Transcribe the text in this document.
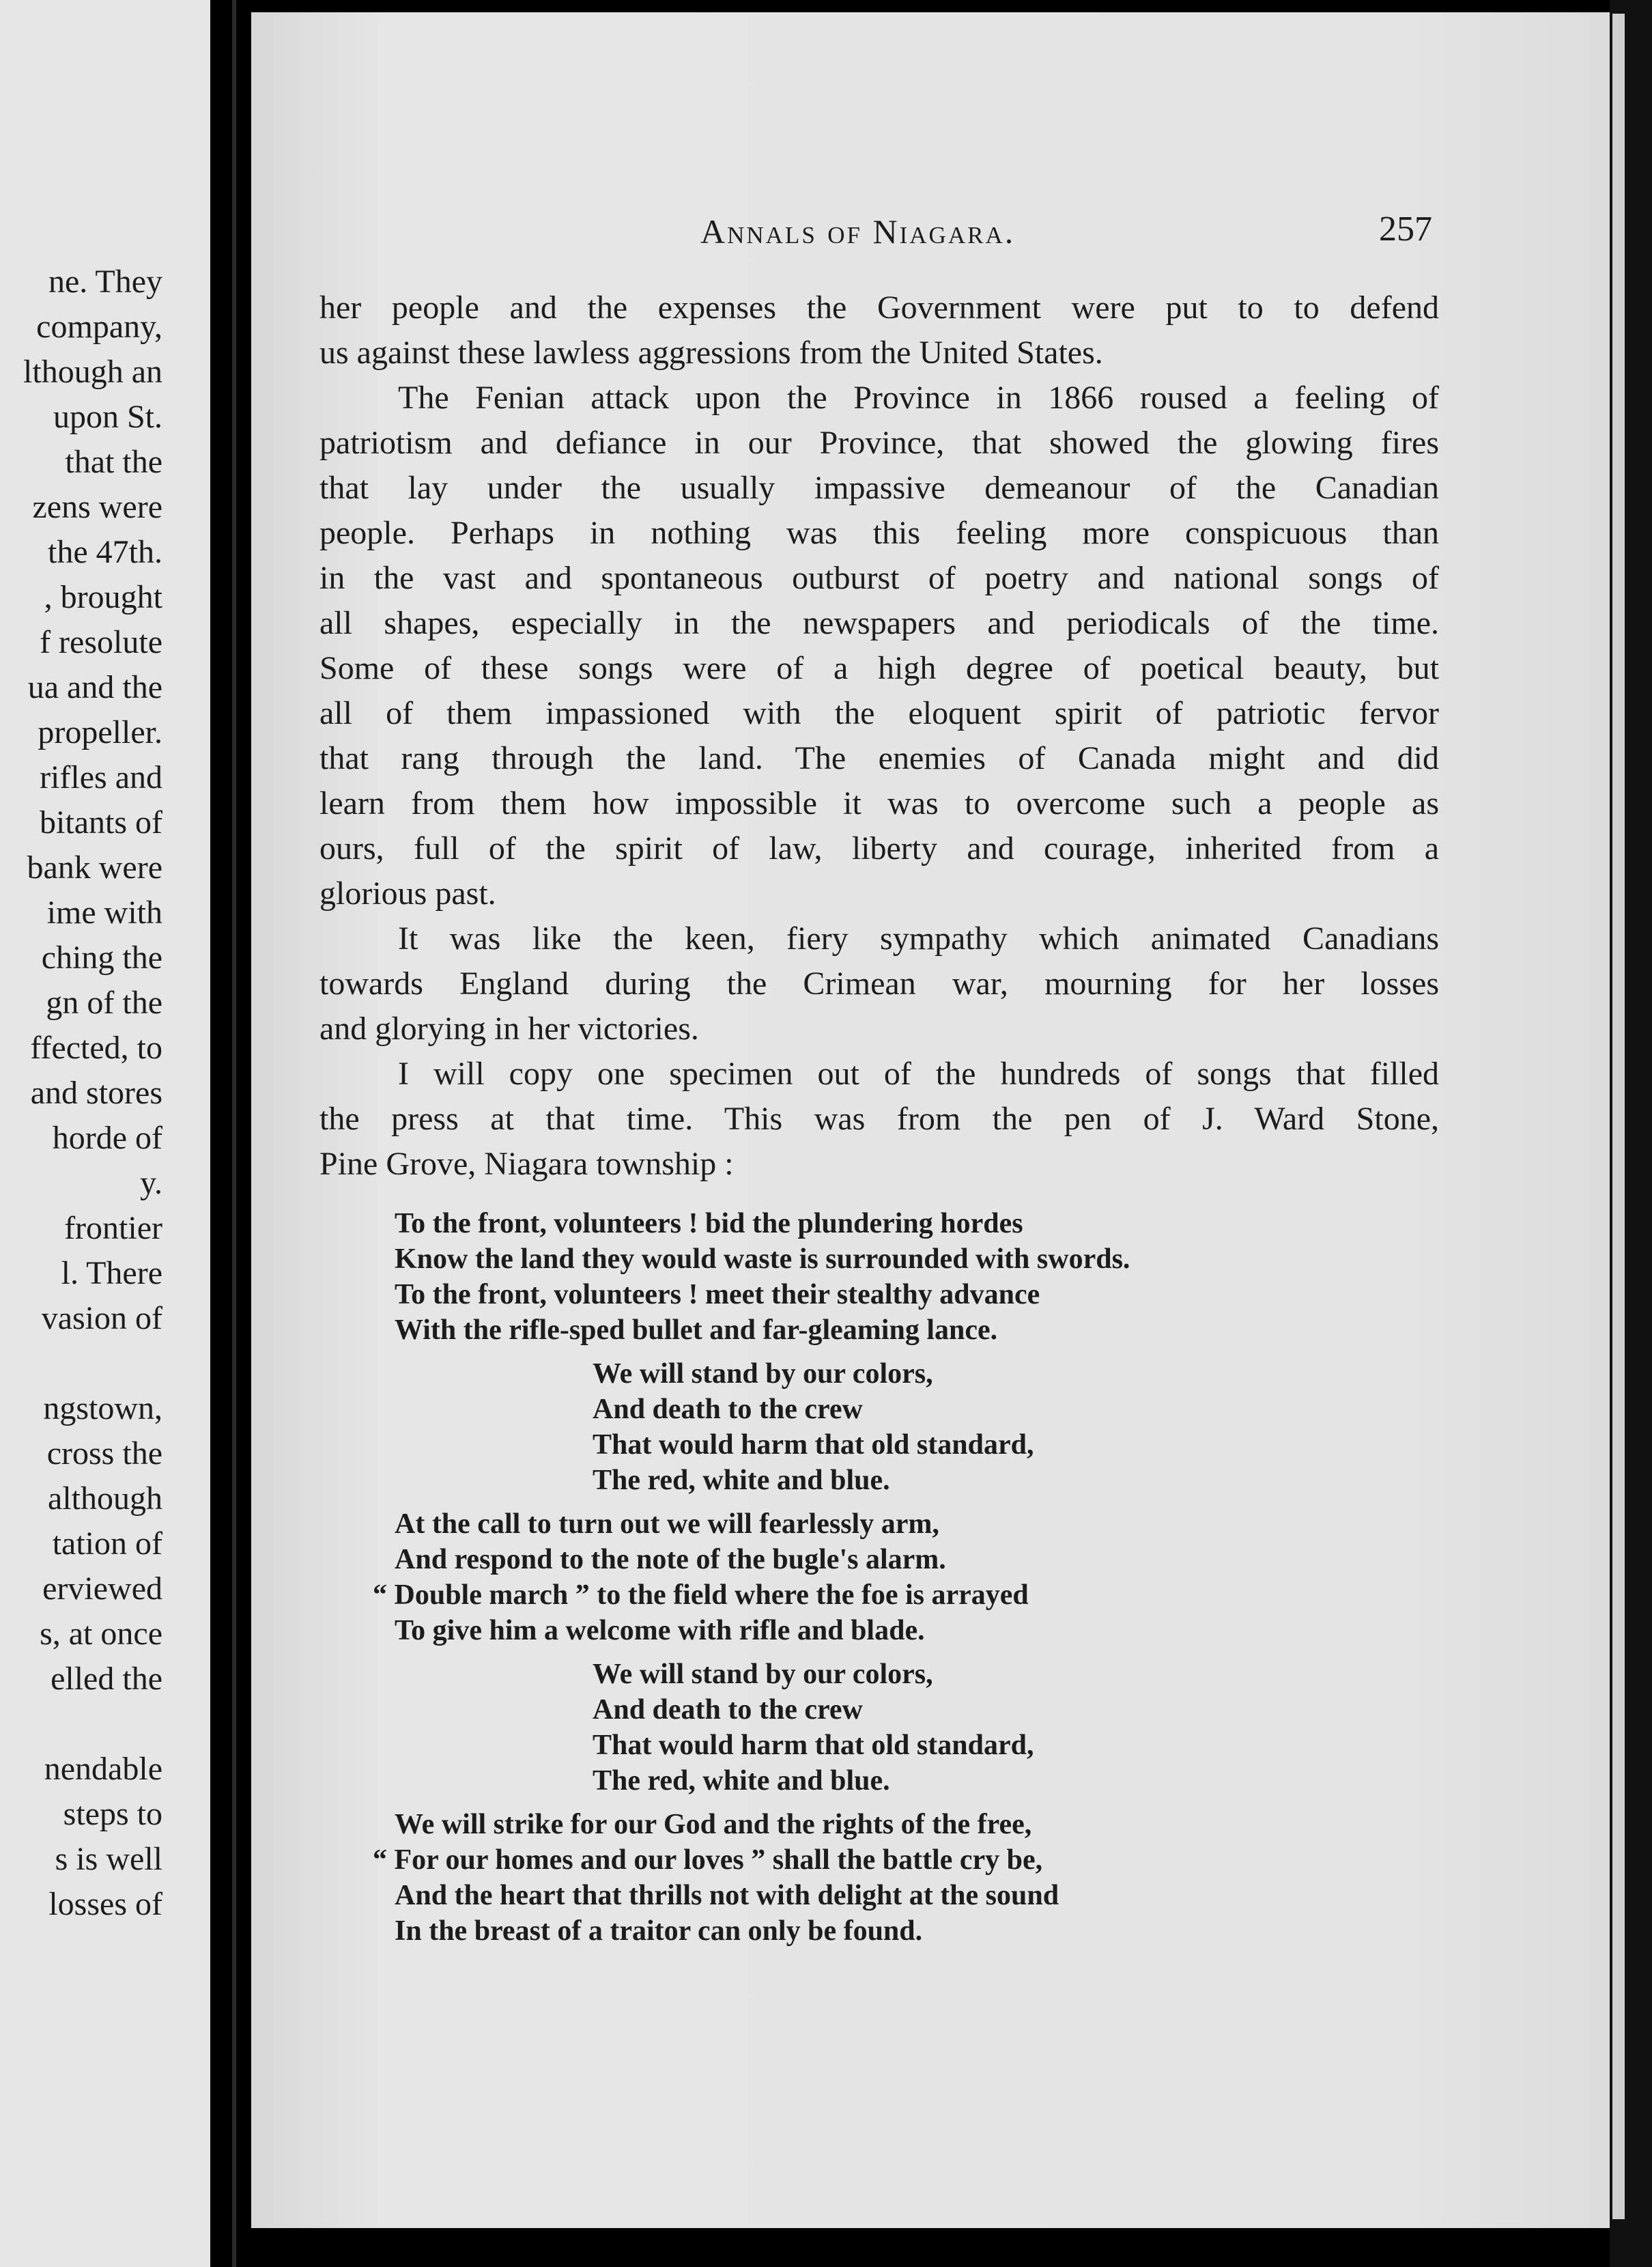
ne. They
company,
lthough an
upon St.
that the
zens were
the 47th.
, brought
f resolute
ua and the
propeller.
rifles and
bitants of
bank were
ime with
ching the
gn of the
ffected, to
and stores
horde of
y.
frontier
l. There
vasion of
ngstown,
cross the
although
tation of
erviewed
s, at once
elled the
nendable
steps to
s is well
losses of
Annals of Niagara.	257
her people and the expenses the Government were put to to defend
us against these lawless aggressions from the United States.
The Fenian attack upon the Province in 1866 roused a feeling of
patriotism and defiance in our Province, that showed the glowing fires
that lay under the usually impassive demeanour of the Canadian
people. Perhaps in nothing was this feeling more conspicuous than
in the vast and spontaneous outburst of poetry and national songs of
all shapes, especially in the newspapers and periodicals of the time.
Some of these songs were of a high degree of poetical beauty, but
all of them impassioned with the eloquent spirit of patriotic fervor
that rang through the land. The enemies of Canada might and did
learn from them how impossible it was to overcome such a people as
ours, full of the spirit of law, liberty and courage, inherited from a
glorious past.
It was like the keen, fiery sympathy which animated Canadians
towards England during the Crimean war, mourning for her losses
and glorying in her victories.
I will copy one specimen out of the hundreds of songs that filled
the press at that time. This was from the pen of J. Ward Stone,
Pine Grove, Niagara township :
To the front, volunteers ! bid the plundering hordes
Know the land they would waste is surrounded with swords.
To the front, volunteers ! meet their stealthy advance
With the rifle-sped bullet and far-gleaming lance.
We will stand by our colors,
And death to the crew
That would harm that old standard,
The red, white and blue.
At the call to turn out we will fearlessly arm,
And respond to the note of the bugle's alarm.
“ Double march ” to the field where the foe is arrayed
To give him a welcome with rifle and blade.
We will stand by our colors,
And death to the crew
That would harm that old standard,
The red, white and blue.
We will strike for our God and the rights of the free,
“ For our homes and our loves ” shall the battle cry be,
And the heart that thrills not with delight at the sound
In the breast of a traitor can only be found.
